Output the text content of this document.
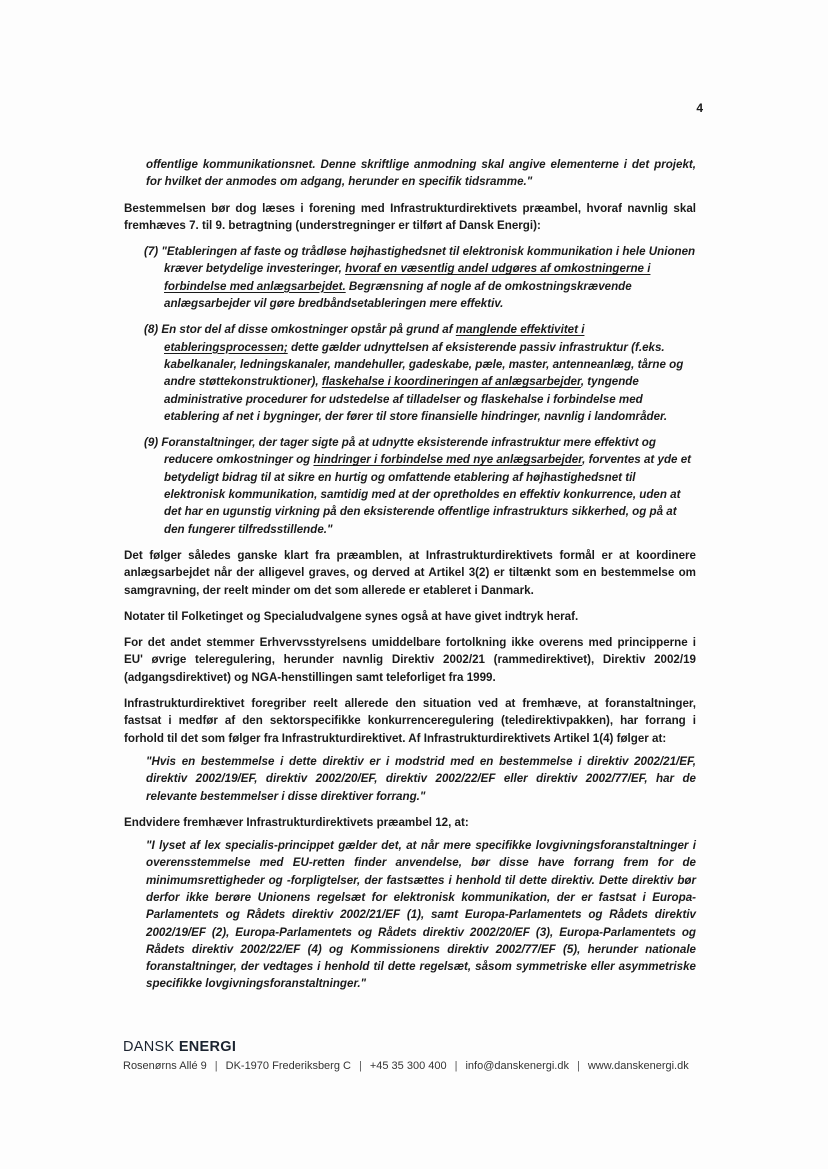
4

offentlige kommunikationsnet. Denne skriftlige anmodning skal angive elementerne i det projekt, for hvilket der anmodes om adgang, herunder en specifik tidsramme."

Bestemmelsen bør dog læses i forening med Infrastrukturdirektivets præambel, hvoraf navnlig skal fremhæves 7. til 9. betragtning (understregninger er tilført af Dansk Energi):

(7) "Etableringen af faste og trådløse højhastighedsnet til elektronisk kommunikation i hele Unionen kræver betydelige investeringer, hvoraf en væsentlig andel udgøres af omkostningerne i forbindelse med anlægsarbejdet. Begrænsning af nogle af de omkostningskrævende anlægsarbejder vil gøre bredbåndsetableringen mere effektiv.
(8) En stor del af disse omkostninger opstår på grund af manglende effektivitet i etableringsprocessen; dette gælder udnyttelsen af eksisterende passiv infrastruktur (f.eks. kabelkanaler, ledningskanaler, mandehuller, gadeskabe, pæle, master, antenneanlæg, tårne og andre støttekonstruktioner), flaskehalse i koordineringen af anlægsarbejder, tyngende administrative procedurer for udstedelse af tilladelser og flaskehalse i forbindelse med etablering af net i bygninger, der fører til store finansielle hindringer, navnlig i landområder.
(9) Foranstaltninger, der tager sigte på at udnytte eksisterende infrastruktur mere effektivt og reducere omkostninger og hindringer i forbindelse med nye anlægsarbejder, forventes at yde et betydeligt bidrag til at sikre en hurtig og omfattende etablering af højhastighedsnet til elektronisk kommunikation, samtidig med at der opretholdes en effektiv konkurrence, uden at det har en ugunstig virkning på den eksisterende offentlige infrastrukturs sikkerhed, og på at den fungerer tilfredsstillende."

Det følger således ganske klart fra præamblen, at Infrastrukturdirektivets formål er at koordinere anlægsarbejdet når der alligevel graves, og derved at Artikel 3(2) er tiltænkt som en bestemmelse om samgravning, der reelt minder om det som allerede er etableret i Danmark.

Notater til Folketinget og Specialudvalgene synes også at have givet indtryk heraf.

For det andet stemmer Erhvervsstyrelsens umiddelbare fortolkning ikke overens med principperne i EU' øvrige teleregulering, herunder navnlig Direktiv 2002/21 (rammedirektivet), Direktiv 2002/19 (adgangsdirektivet) og NGA-henstillingen samt teleforliget fra 1999.

Infrastrukturdirektivet foregriber reelt allerede den situation ved at fremhæve, at foranstaltninger, fastsat i medfør af den sektorspecifikke konkurrenceregulering (teledirektivpakken), har forrang i forhold til det som følger fra Infrastrukturdirektivet. Af Infrastrukturdirektivets Artikel 1(4) følger at:

"Hvis en bestemmelse i dette direktiv er i modstrid med en bestemmelse i direktiv 2002/21/EF, direktiv 2002/19/EF, direktiv 2002/20/EF, direktiv 2002/22/EF eller direktiv 2002/77/EF, har de relevante bestemmelser i disse direktiver forrang."

Endvidere fremhæver Infrastrukturdirektivets præambel 12, at:

"I lyset af lex specialis-princippet gælder det, at når mere specifikke lovgivningsforanstaltninger i overensstemmelse med EU-retten finder anvendelse, bør disse have forrang frem for de minimumsrettigheder og -forpligtelser, der fastsættes i henhold til dette direktiv. Dette direktiv bør derfor ikke berøre Unionens regelsæt for elektronisk kommunikation, der er fastsat i Europa-Parlamentets og Rådets direktiv 2002/21/EF (1), samt Europa-Parlamentets og Rådets direktiv 2002/19/EF (2), Europa-Parlamentets og Rådets direktiv 2002/20/EF (3), Europa-Parlamentets og Rådets direktiv 2002/22/EF (4) og Kommissionens direktiv 2002/77/EF (5), herunder nationale foranstaltninger, der vedtages i henhold til dette regelsæt, såsom symmetriske eller asymmetriske specifikke lovgivningsforanstaltninger."

DANSK ENERGI
Rosenørns Allé 9 | DK-1970 Frederiksberg C | +45 35 300 400 | info@danskenergi.dk | www.danskenergi.dk
